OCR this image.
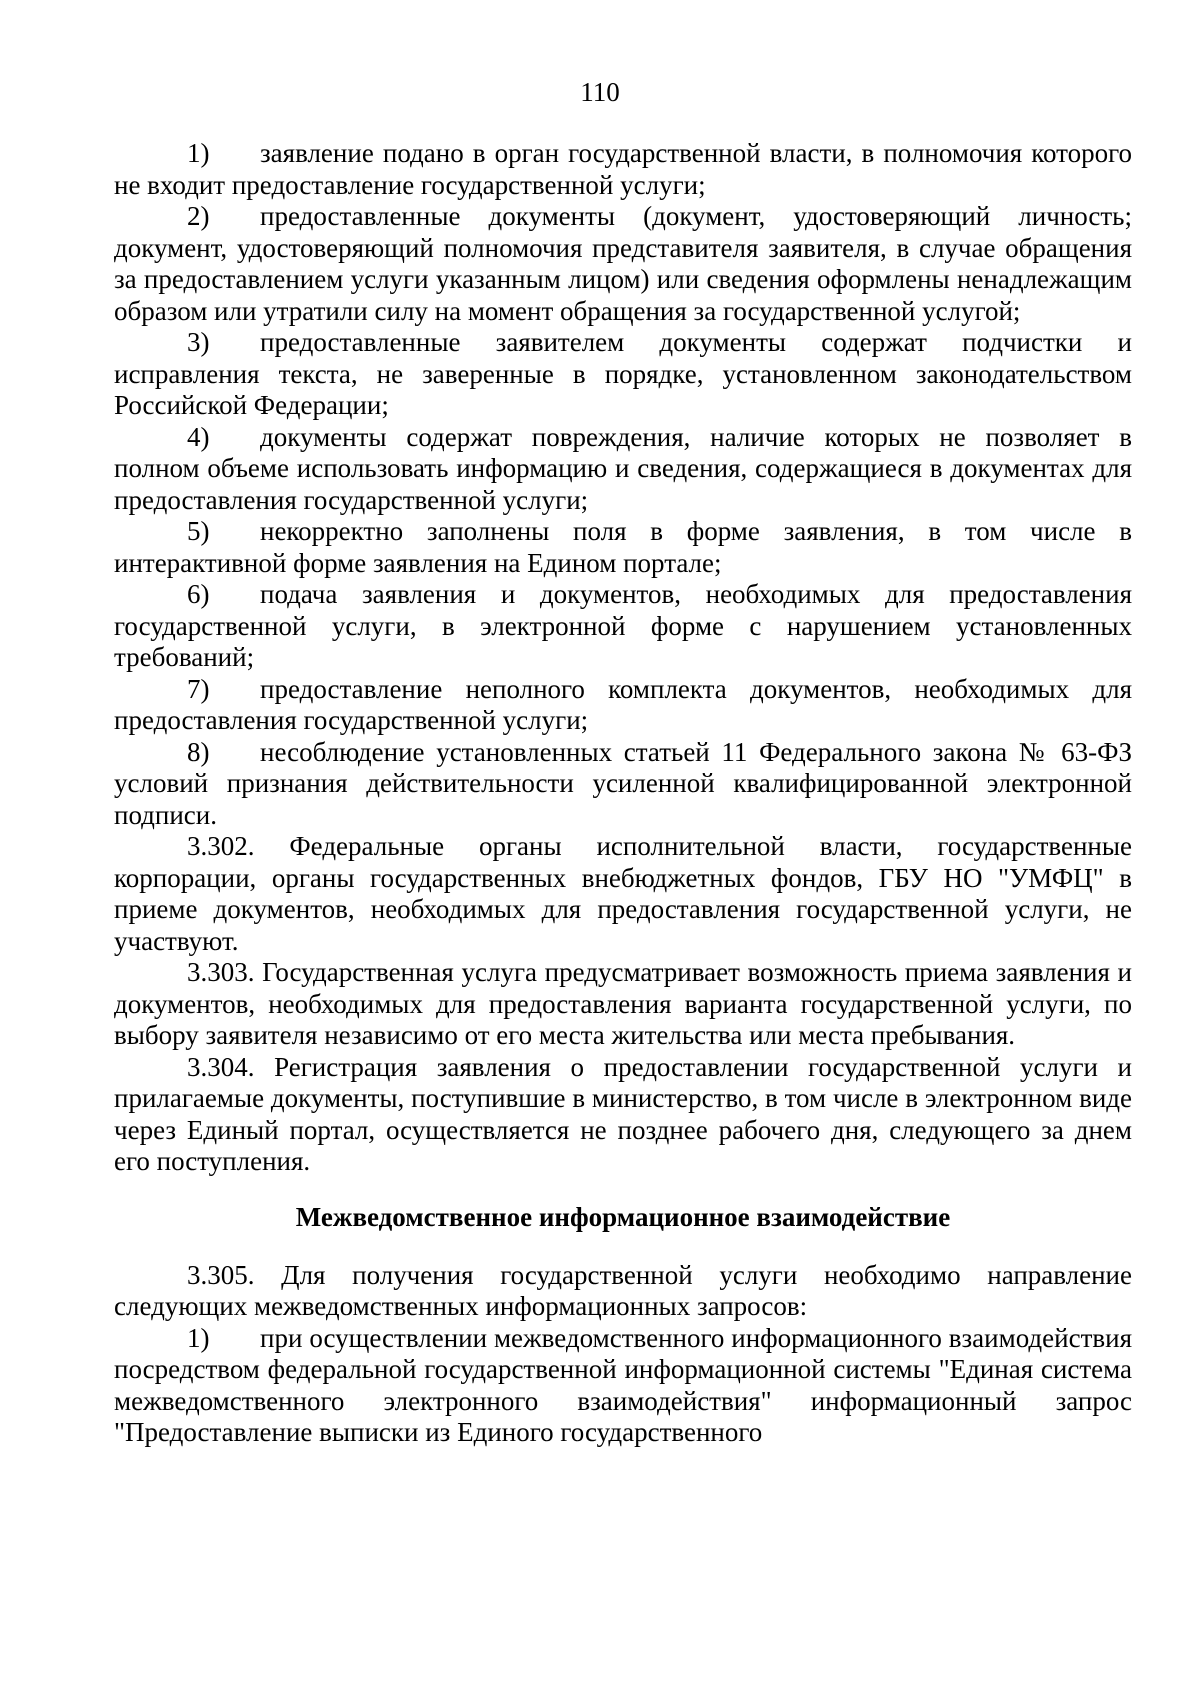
110

1) заявление подано в орган государственной власти, в полномочия которого не входит предоставление государственной услуги;

2) предоставленные документы (документ, удостоверяющий личность; документ, удостоверяющий полномочия представителя заявителя, в случае обращения за предоставлением услуги указанным лицом) или сведения оформлены ненадлежащим образом или утратили силу на момент обращения за государственной услугой;

3) предоставленные заявителем документы содержат подчистки и исправления текста, не заверенные в порядке, установленном законодательством Российской Федерации;

4) документы содержат повреждения, наличие которых не позволяет в полном объеме использовать информацию и сведения, содержащиеся в документах для предоставления государственной услуги;

5) некорректно заполнены поля в форме заявления, в том числе в интерактивной форме заявления на Едином портале;

6) подача заявления и документов, необходимых для предоставления государственной услуги, в электронной форме с нарушением установленных требований;

7) предоставление неполного комплекта документов, необходимых для предоставления государственной услуги;

8) несоблюдение установленных статьей 11 Федерального закона № 63-ФЗ условий признания действительности усиленной квалифицированной электронной подписи.

3.302. Федеральные органы исполнительной власти, государственные корпорации, органы государственных внебюджетных фондов, ГБУ НО "УМФЦ" в приеме документов, необходимых для предоставления государственной услуги, не участвуют.

3.303. Государственная услуга предусматривает возможность приема заявления и документов, необходимых для предоставления варианта государственной услуги, по выбору заявителя независимо от его места жительства или места пребывания.

3.304. Регистрация заявления о предоставлении государственной услуги и прилагаемые документы, поступившие в министерство, в том числе в электронном виде через Единый портал, осуществляется не позднее рабочего дня, следующего за днем его поступления.

Межведомственное информационное взаимодействие

3.305. Для получения государственной услуги необходимо направление следующих межведомственных информационных запросов:

1) при осуществлении межведомственного информационного взаимодействия посредством федеральной государственной информационной системы "Единая система межведомственного электронного взаимодействия" информационный запрос "Предоставление выписки из Единого государственного
